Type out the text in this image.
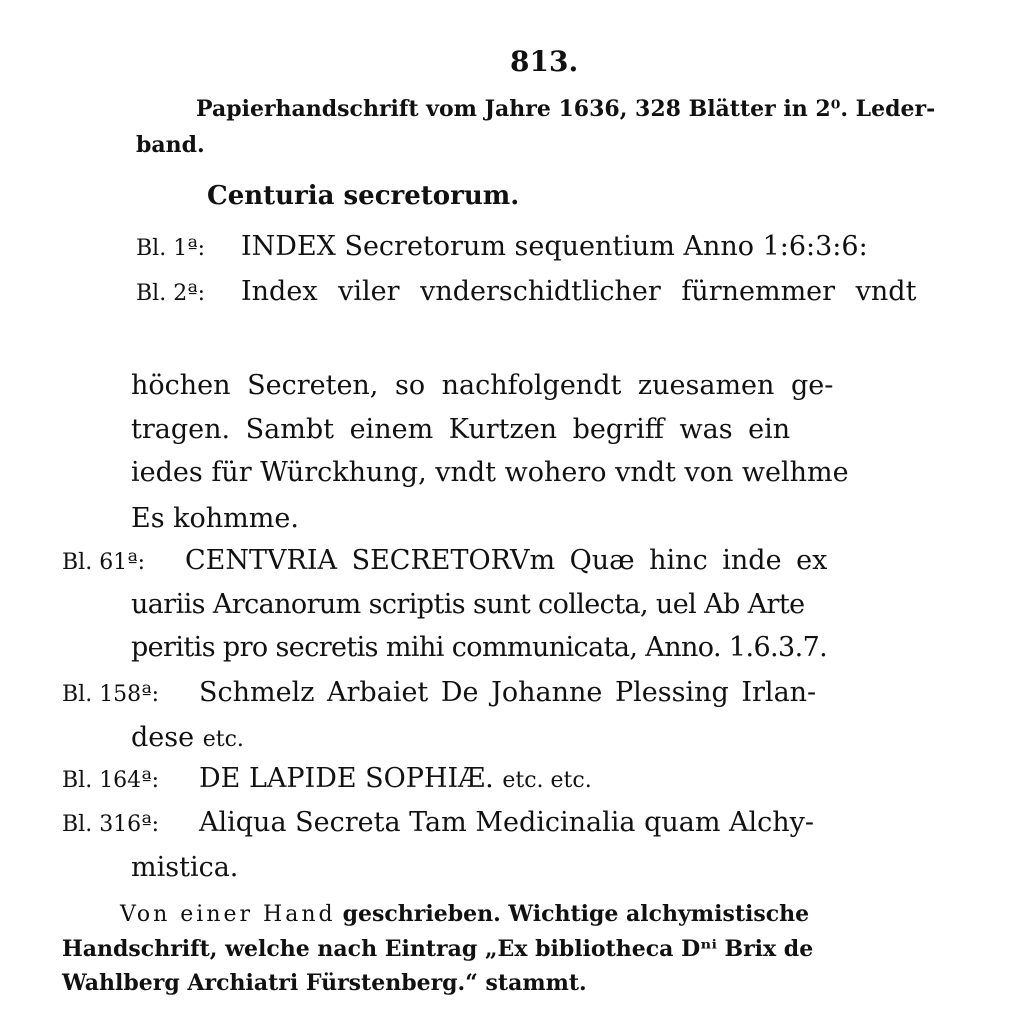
813.
Papierhandschrift vom Jahre 1636, 328 Blätter in 2⁰. Leder-
band.
Centuria secretorum.
Bl. 1ª: INDEX Secretorum sequentium Anno 1:6:3:6:
Bl. 2ª: Index viler vnderschidtlicher fürnemmer vndt
höchen Secreten, so nachfolgendt zuesamen ge-
tragen. Sambt einem Kurtzen begriff was ein
iedes für Würckhung, vndt wohero vndt von welhme
Es kohmme.
Bl. 61ª: CENTVRIA SECRETORVm Quæ hinc inde ex
uariis Arcanorum scriptis sunt collecta, uel Ab Arte
peritis pro secretis mihi communicata, Anno. 1.6.3.7.
Bl. 158ª: Schmelz Arbaiet De Johanne Plessing Irlan-
dese etc.
Bl. 164ª: DE LAPIDE SOPHIÆ. etc. etc.
Bl. 316ª: Aliqua Secreta Tam Medicinalia quam Alchy-
mistica.
Von einer Hand geschrieben. Wichtige alchymistische
Handschrift, welche nach Eintrag „Ex bibliotheca Dⁿⁱ Brix de
Wahlberg Archiatri Fürstenberg.“ stammt.
